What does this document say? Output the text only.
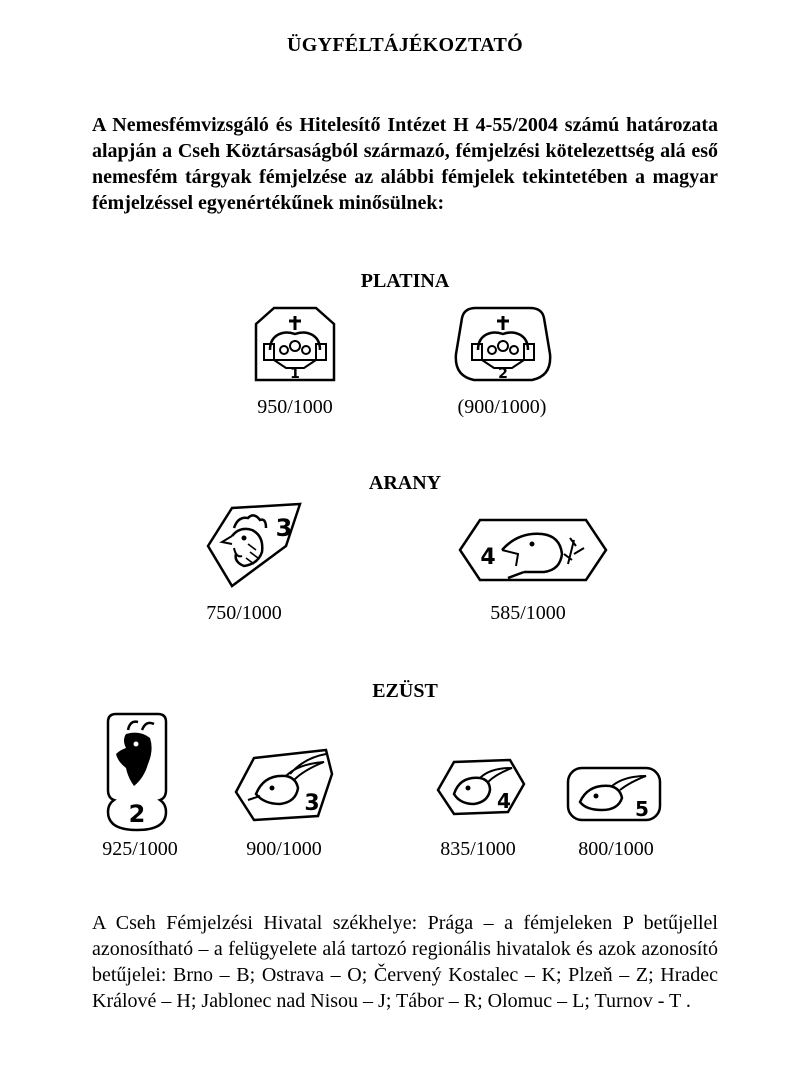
ÜGYFÉLTÁJÉKOZTATÓ
A Nemesfémvizsgáló és Hitelesítő Intézet H 4-55/2004 számú határozata alapján a Cseh Köztársaságból származó, fémjelzési kötelezettség alá eső nemesfém tárgyak fémjelzése az alábbi fémjelek tekintetében a magyar fémjelzéssel egyenértékűnek minősülnek:
PLATINA
1
950/1000
2
(900/1000)
ARANY
3
750/1000
4
585/1000
EZÜST
2
925/1000
3
900/1000
4
835/1000
5
800/1000
A Cseh Fémjelzési Hivatal székhelye: Prága – a fémjeleken P betűjellel azonosítható – a felügyelete alá tartozó regionális hivatalok és azok azonosító betűjelei: Brno – B; Ostrava – O; Červený Kostalec – K; Plzeň – Z; Hradec Králové – H; Jablonec nad Nisou – J; Tábor – R; Olomuc – L; Turnov - T .
